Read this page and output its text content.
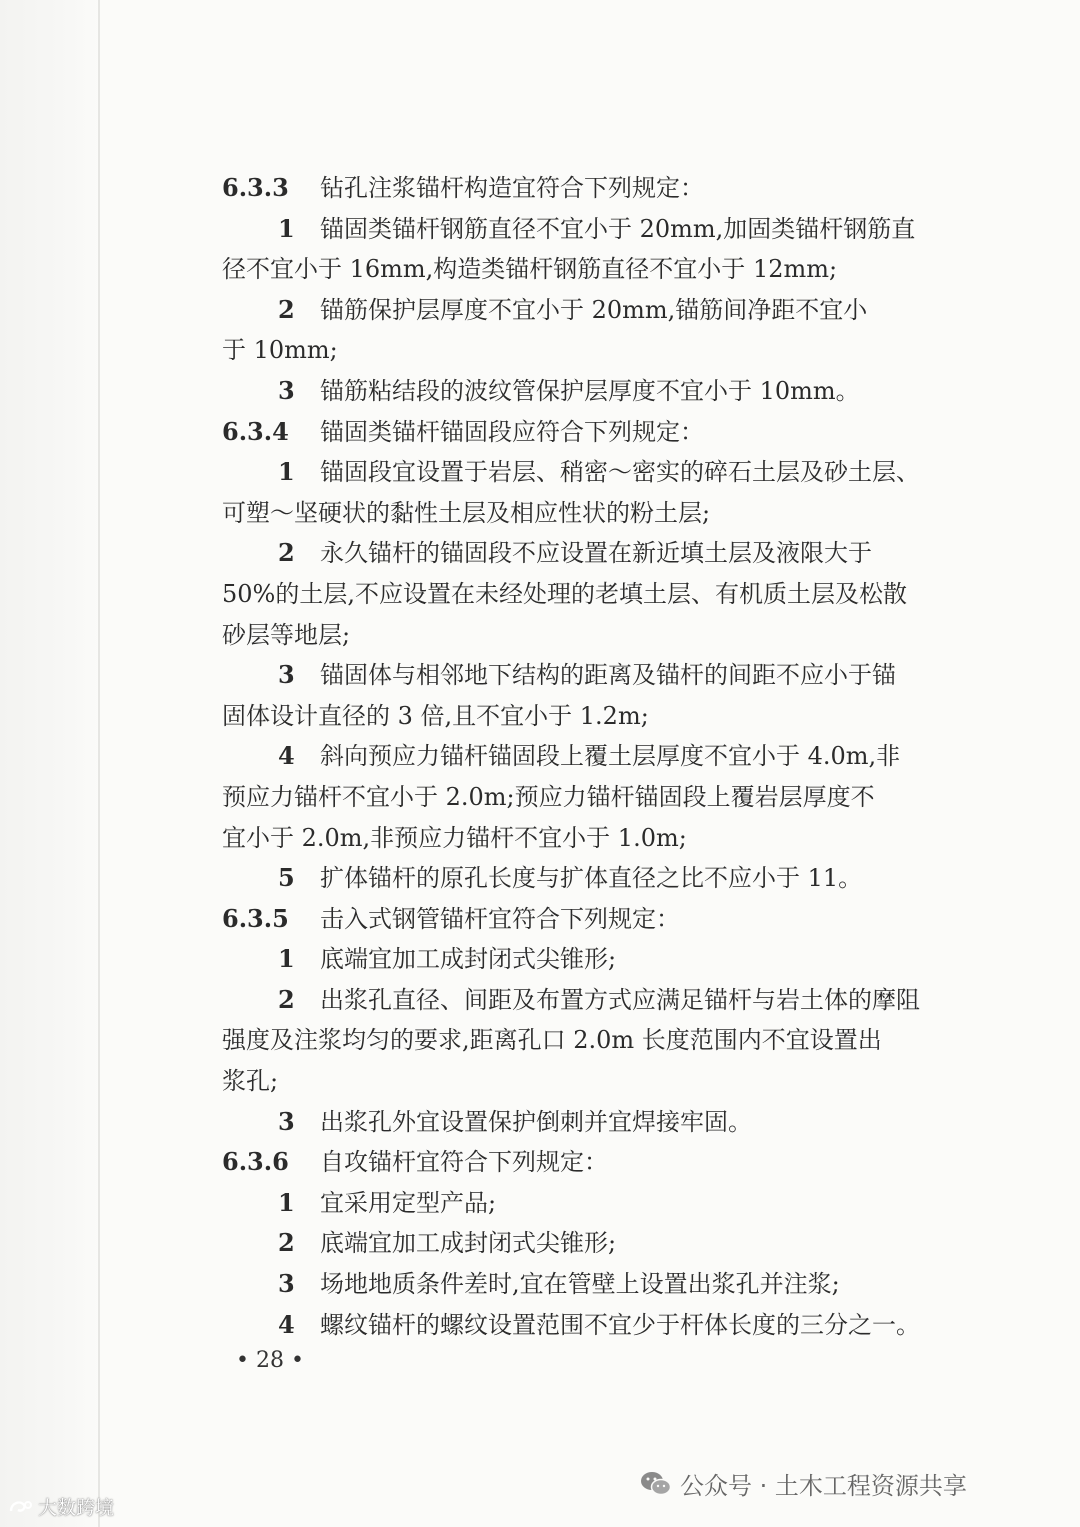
6.3.3 钻孔注浆锚杆构造宜符合下列规定：
1 锚固类锚杆钢筋直径不宜小于 20mm,加固类锚杆钢筋直
径不宜小于 16mm,构造类锚杆钢筋直径不宜小于 12mm;
2 锚筋保护层厚度不宜小于 20mm,锚筋间净距不宜小
于 10mm;
3 锚筋粘结段的波纹管保护层厚度不宜小于 10mm。
6.3.4 锚固类锚杆锚固段应符合下列规定：
1 锚固段宜设置于岩层、稍密～密实的碎石土层及砂土层、
可塑～坚硬状的黏性土层及相应性状的粉土层;
2 永久锚杆的锚固段不应设置在新近填土层及液限大于
50%的土层,不应设置在未经处理的老填土层、有机质土层及松散
砂层等地层;
3 锚固体与相邻地下结构的距离及锚杆的间距不应小于锚
固体设计直径的 3 倍,且不宜小于 1.2m;
4 斜向预应力锚杆锚固段上覆土层厚度不宜小于 4.0m,非
预应力锚杆不宜小于 2.0m;预应力锚杆锚固段上覆岩层厚度不
宜小于 2.0m,非预应力锚杆不宜小于 1.0m;
5 扩体锚杆的原孔长度与扩体直径之比不应小于 11。
6.3.5 击入式钢管锚杆宜符合下列规定：
1 底端宜加工成封闭式尖锥形;
2 出浆孔直径、间距及布置方式应满足锚杆与岩土体的摩阻
强度及注浆均匀的要求,距离孔口 2.0m 长度范围内不宜设置出
浆孔;
3 出浆孔外宜设置保护倒刺并宜焊接牢固。
6.3.6 自攻锚杆宜符合下列规定：
1 宜采用定型产品;
2 底端宜加工成封闭式尖锥形;
3 场地地质条件差时,宜在管壁上设置出浆孔并注浆;
4 螺纹锚杆的螺纹设置范围不宜少于杆体长度的三分之一。
• 28 •
大数跨境
公众号 · 土木工程资源共享
